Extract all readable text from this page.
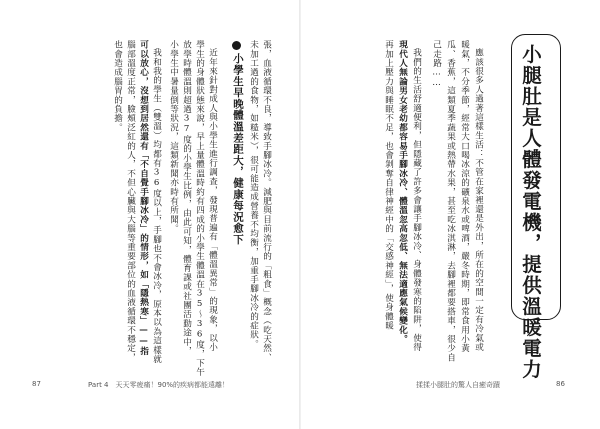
張，血液循環不良，導致手腳冰冷。減肥與目前流行的「粗食」概念（吃天然、
未加工過的食物，如糙米），很可能造成營養不均衡，加重手腳冰冷的症狀。
小學生早晚體溫差距大，健康每況愈下
近年來針對成人與小學生進行調查，發現普遍有「體溫異常」的現象，以小
學生的身體狀態來說，早上量體溫時約有四成的小學生體溫在35～36度，下午
放學時體溫則超過37度的小學生比例，由此可知，體育課或社團活動途中，
小學生中暑量倒等狀況，這類新聞亦時有所聞。
我和我的學生（雙溫）均都有36度以上，手腳也不會冰冷，原本以為這樣就
可以放心，沒想到居然還有「不自覺手腳冰冷」的情形，如「隱熱寒」——指
腦部溫度正常，臉頰泛紅的人，不但心臟與大腦等重要部位的血液循環不穩定，
也會造成腦胃的負擔。
87	Part 4　天天零疲痛！90%的疾病都能遠離！
小腿肚是人體發電機，提供溫暖電力
應該很多人過著這樣生活：不管在家裡還是外出，所在的空間一定有冷氣或
暖氣，不分季節，經常大口喝冰涼的礦泉水或啤酒，嚴冬時期，即常食用小黃
瓜、香蕉，這類夏季蔬果或熱帶水果，甚至吃冰淇淋，去腳裡都要搭車，很少自
己走路……
我們的生活舒適便利，但隱藏了許多會讓手腳冰冷、身體發寒的陷阱，使得
現代人無論男女老幼都容易手腳冰冷、體溫忽高忽低、無法適應氣候變化。
再加上壓力與睡眠不足，也會剝奪自律神經中的「交感神經」，使身體暖
揉揉小腿肚的驚人自癒奇蹟	86
